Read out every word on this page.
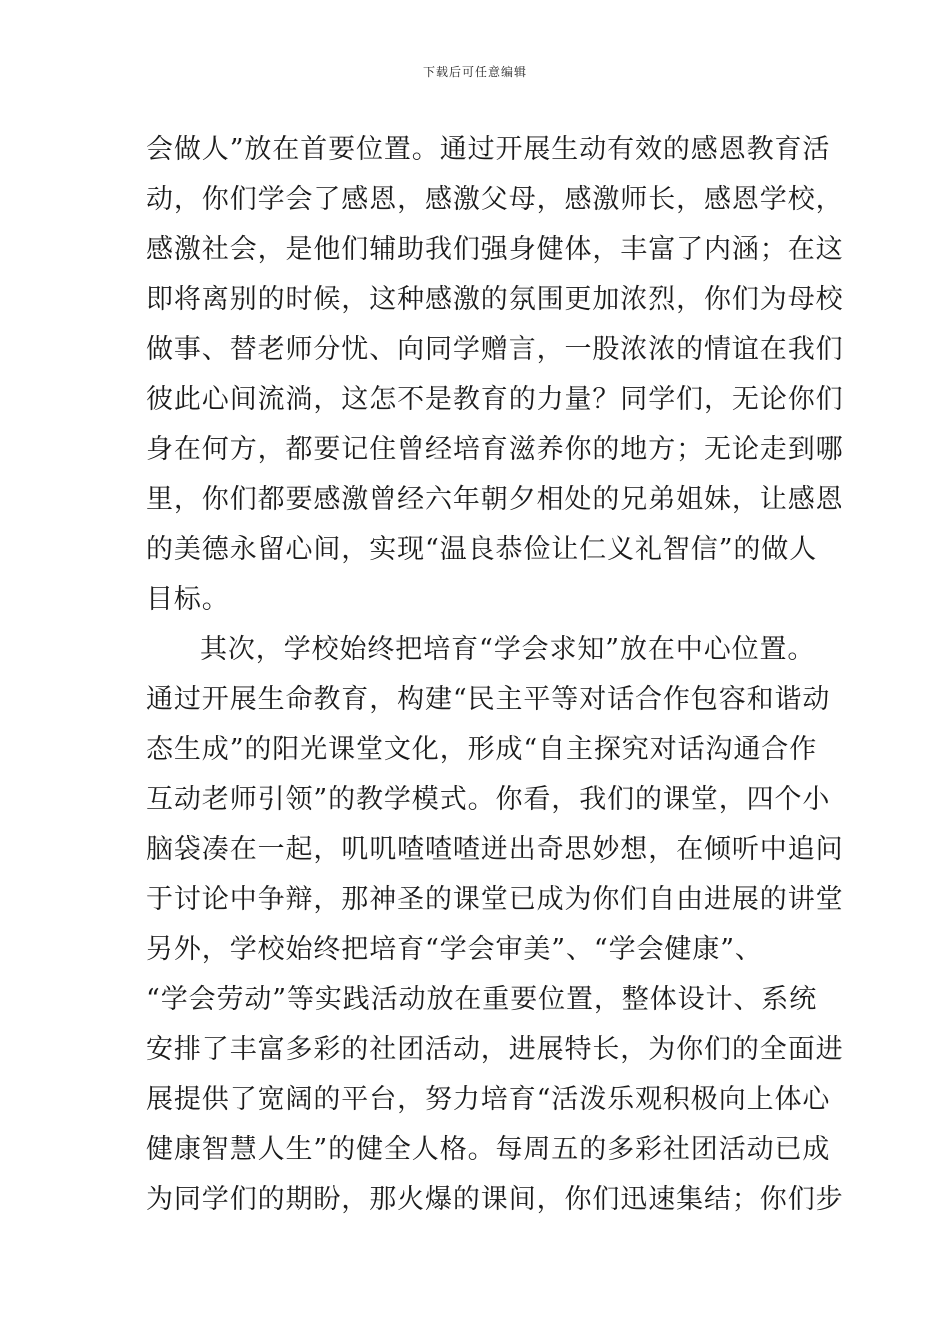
下载后可任意编辑
会做人”放在首要位置。通过开展生动有效的感恩教育活
动，你们学会了感恩，感激父母，感激师长，感恩学校，
感激社会，是他们辅助我们强身健体，丰富了内涵；在这
即将离别的时候，这种感激的氛围更加浓烈，你们为母校
做事、替老师分忧、向同学赠言，一股浓浓的情谊在我们
彼此心间流淌，这怎不是教育的力量？同学们，无论你们
身在何方，都要记住曾经培育滋养你的地方；无论走到哪
里，你们都要感激曾经六年朝夕相处的兄弟姐妹，让感恩
的美德永留心间，实现“温良恭俭让仁义礼智信”的做人
目标。
其次，学校始终把培育“学会求知”放在中心位置。
通过开展生命教育，构建“民主平等对话合作包容和谐动
态生成”的阳光课堂文化，形成“自主探究对话沟通合作
互动老师引领”的教学模式。你看，我们的课堂，四个小
脑袋凑在一起，叽叽喳喳喳迸出奇思妙想，在倾听中追问
于讨论中争辩，那神圣的课堂已成为你们自由进展的讲堂
另外，学校始终把培育“学会审美”、“学会健康”、
“学会劳动”等实践活动放在重要位置，整体设计、系统
安排了丰富多彩的社团活动，进展特长，为你们的全面进
展提供了宽阔的平台，努力培育“活泼乐观积极向上体心
健康智慧人生”的健全人格。每周五的多彩社团活动已成
为同学们的期盼，那火爆的课间，你们迅速集结；你们步
